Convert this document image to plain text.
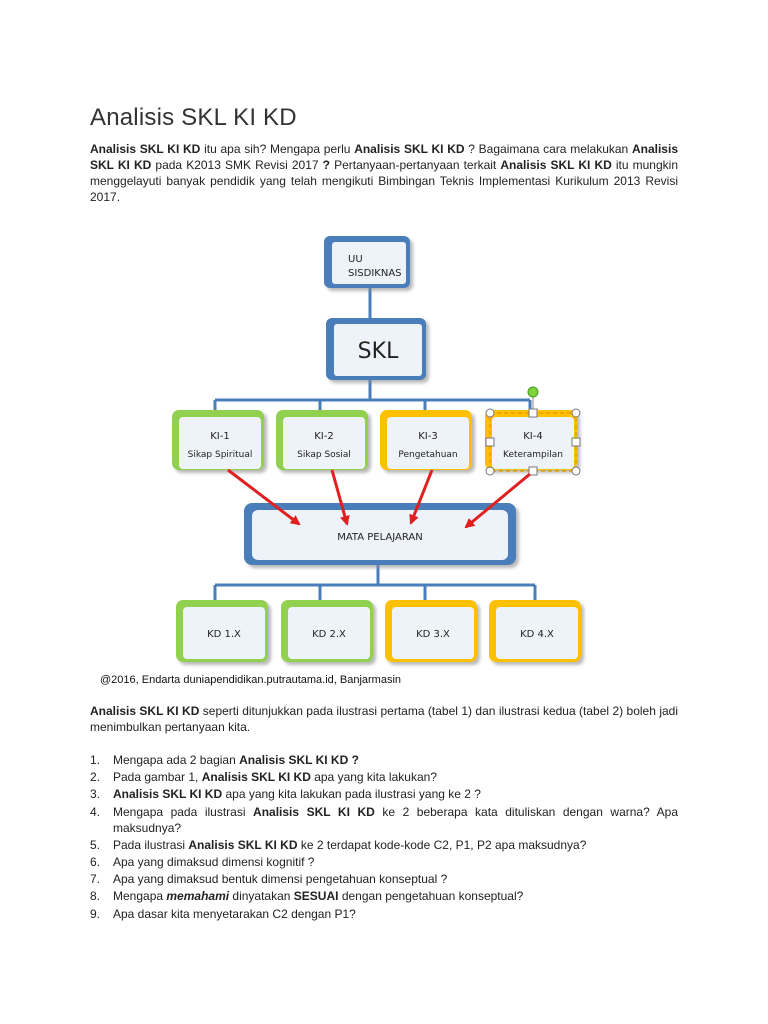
Analisis SKL KI KD
Analisis SKL KI KD itu apa sih? Mengapa perlu Analisis SKL KI KD ? Bagaimana cara melakukan Analisis SKL KI KD pada K2013 SMK Revisi 2017 ? Pertanyaan-pertanyaan terkait Analisis SKL KI KD itu mungkin menggelayuti banyak pendidik yang telah mengikuti Bimbingan Teknis Implementasi Kurikulum 2013 Revisi 2017.
UU
SISDIKNAS
SKL
KI-1
Sikap Spiritual
KI-2
Sikap Sosial
KI-3
Pengetahuan
KI-4
Keterampilan
MATA PELAJARAN
KD 1.X	KD 2.X	KD 3.X	KD 4.X
@2016, Endarta duniapendidikan.putrautama.id, Banjarmasin
Analisis SKL KI KD seperti ditunjukkan pada ilustrasi pertama (tabel 1) dan ilustrasi kedua (tabel 2) boleh jadi menimbulkan pertanyaan kita.
1. Mengapa ada 2 bagian Analisis SKL KI KD ?
2. Pada gambar 1, Analisis SKL KI KD apa yang kita lakukan?
3. Analisis SKL KI KD apa yang kita lakukan pada ilustrasi yang ke 2 ?
4. Mengapa pada ilustrasi Analisis SKL KI KD ke 2 beberapa kata dituliskan dengan warna? Apa maksudnya?
5. Pada ilustrasi Analisis SKL KI KD ke 2 terdapat kode-kode C2, P1, P2 apa maksudnya?
6. Apa yang dimaksud dimensi kognitif ?
7. Apa yang dimaksud bentuk dimensi pengetahuan konseptual ?
8. Mengapa memahami dinyatakan SESUAI dengan pengetahuan konseptual?
9. Apa dasar kita menyetarakan C2 dengan P1?
